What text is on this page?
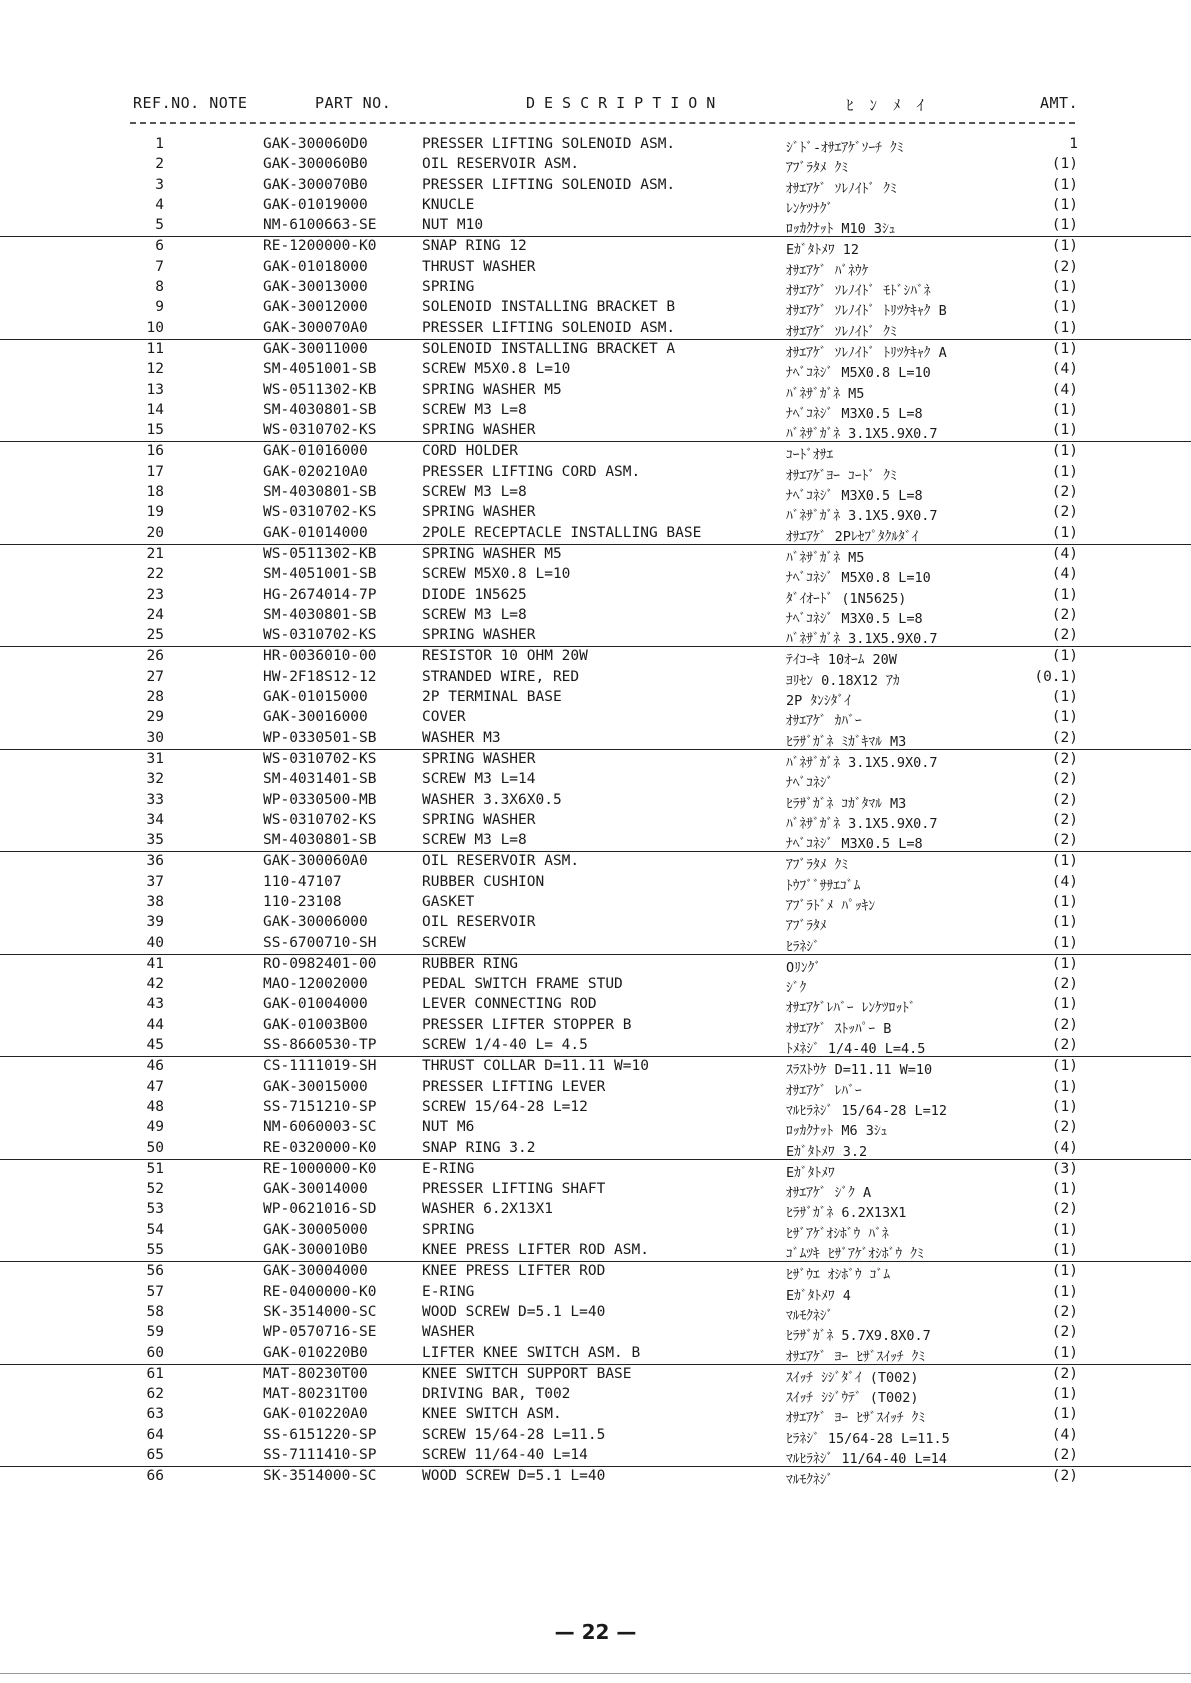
REF.NO. NOTE	PART NO.	DESCRIPTION	ﾋﾝﾒｲ	AMT.
1	GAK-300060D0	PRESSER LIFTING SOLENOID ASM.	ｼﾞﾄﾞ-ｵｻｴｱｹﾞｿｰﾁ ｸﾐ	1
2	GAK-300060B0	OIL RESERVOIR ASM.	ｱﾌﾞﾗﾀﾒ ｸﾐ	(1)
3	GAK-300070B0	PRESSER LIFTING SOLENOID ASM.	ｵｻｴｱｹﾞ ｿﾚﾉｲﾄﾞ ｸﾐ	(1)
4	GAK-01019000	KNUCLE	ﾚﾝｹﾂﾅｸﾞ	(1)
5	NM-6100663-SE	NUT M10	ﾛｯｶｸﾅｯﾄ M10 3ｼｭ	(1)
6	RE-1200000-K0	SNAP RING 12	Eｶﾞﾀﾄﾒﾜ 12	(1)
7	GAK-01018000	THRUST WASHER	ｵｻｴｱｹﾞ ﾊﾞﾈｳｹ	(2)
8	GAK-30013000	SPRING	ｵｻｴｱｹﾞ ｿﾚﾉｲﾄﾞ ﾓﾄﾞｼﾊﾞﾈ	(1)
9	GAK-30012000	SOLENOID INSTALLING BRACKET B	ｵｻｴｱｹﾞ ｿﾚﾉｲﾄﾞ ﾄﾘﾂｹｷｬｸ B	(1)
10	GAK-300070A0	PRESSER LIFTING SOLENOID ASM.	ｵｻｴｱｹﾞ ｿﾚﾉｲﾄﾞ ｸﾐ	(1)
11	GAK-30011000	SOLENOID INSTALLING BRACKET A	ｵｻｴｱｹﾞ ｿﾚﾉｲﾄﾞ ﾄﾘﾂｹｷｬｸ A	(1)
12	SM-4051001-SB	SCREW M5X0.8 L=10	ﾅﾍﾞｺﾈｼﾞ M5X0.8 L=10	(4)
13	WS-0511302-KB	SPRING WASHER M5	ﾊﾞﾈｻﾞｶﾞﾈ M5	(4)
14	SM-4030801-SB	SCREW M3 L=8	ﾅﾍﾞｺﾈｼﾞ M3X0.5 L=8	(1)
15	WS-0310702-KS	SPRING WASHER	ﾊﾞﾈｻﾞｶﾞﾈ 3.1X5.9X0.7	(1)
16	GAK-01016000	CORD HOLDER	ｺｰﾄﾞｵｻｴ	(1)
17	GAK-020210A0	PRESSER LIFTING CORD ASM.	ｵｻｴｱｹﾞﾖｰ ｺｰﾄﾞ ｸﾐ	(1)
18	SM-4030801-SB	SCREW M3 L=8	ﾅﾍﾞｺﾈｼﾞ M3X0.5 L=8	(2)
19	WS-0310702-KS	SPRING WASHER	ﾊﾞﾈｻﾞｶﾞﾈ 3.1X5.9X0.7	(2)
20	GAK-01014000	2POLE RECEPTACLE INSTALLING BASE	ｵｻｴｱｹﾞ 2Pﾚｾﾌﾟﾀｸﾙﾀﾞｲ	(1)
21	WS-0511302-KB	SPRING WASHER M5	ﾊﾞﾈｻﾞｶﾞﾈ M5	(4)
22	SM-4051001-SB	SCREW M5X0.8 L=10	ﾅﾍﾞｺﾈｼﾞ M5X0.8 L=10	(4)
23	HG-2674014-7P	DIODE 1N5625	ﾀﾞｲｵｰﾄﾞ (1N5625)	(1)
24	SM-4030801-SB	SCREW M3 L=8	ﾅﾍﾞｺﾈｼﾞ M3X0.5 L=8	(2)
25	WS-0310702-KS	SPRING WASHER	ﾊﾞﾈｻﾞｶﾞﾈ 3.1X5.9X0.7	(2)
26	HR-0036010-00	RESISTOR 10 OHM 20W	ﾃｲｺｰｷ 10ｵｰﾑ 20W	(1)
27	HW-2F18S12-12	STRANDED WIRE, RED	ﾖﾘｾﾝ 0.18X12 ｱｶ	(0.1)
28	GAK-01015000	2P TERMINAL BASE	2P ﾀﾝｼﾀﾞｲ	(1)
29	GAK-30016000	COVER	ｵｻｴｱｹﾞ ｶﾊﾞｰ	(1)
30	WP-0330501-SB	WASHER M3	ﾋﾗｻﾞｶﾞﾈ ﾐｶﾞｷﾏﾙ M3	(2)
31	WS-0310702-KS	SPRING WASHER	ﾊﾞﾈｻﾞｶﾞﾈ 3.1X5.9X0.7	(2)
32	SM-4031401-SB	SCREW M3 L=14	ﾅﾍﾞｺﾈｼﾞ	(2)
33	WP-0330500-MB	WASHER 3.3X6X0.5	ﾋﾗｻﾞｶﾞﾈ ｺｶﾞﾀﾏﾙ M3	(2)
34	WS-0310702-KS	SPRING WASHER	ﾊﾞﾈｻﾞｶﾞﾈ 3.1X5.9X0.7	(2)
35	SM-4030801-SB	SCREW M3 L=8	ﾅﾍﾞｺﾈｼﾞ M3X0.5 L=8	(2)
36	GAK-300060A0	OIL RESERVOIR ASM.	ｱﾌﾞﾗﾀﾒ ｸﾐ	(1)
37	110-47107	RUBBER CUSHION	ﾄｳﾌﾞﾞｻｻｴｺﾞﾑ	(4)
38	110-23108	GASKET	ｱﾌﾞﾗﾄﾞﾒ ﾊﾟｯｷﾝ	(1)
39	GAK-30006000	OIL RESERVOIR	ｱﾌﾞﾗﾀﾒ	(1)
40	SS-6700710-SH	SCREW	ﾋﾗﾈｼﾞ	(1)
41	RO-0982401-00	RUBBER RING	Oﾘﾝｸﾞ	(1)
42	MAO-12002000	PEDAL SWITCH FRAME STUD	ｼﾞｸ	(2)
43	GAK-01004000	LEVER CONNECTING ROD	ｵｻｴｱｹﾞﾚﾊﾞｰ ﾚﾝｹﾂﾛｯﾄﾞ	(1)
44	GAK-01003B00	PRESSER LIFTER STOPPER B	ｵｻｴｱｹﾞ ｽﾄｯﾊﾟｰ B	(2)
45	SS-8660530-TP	SCREW 1/4-40 L= 4.5	ﾄﾒﾈｼﾞ 1/4-40 L=4.5	(2)
46	CS-1111019-SH	THRUST COLLAR D=11.11 W=10	ｽﾗｽﾄｳｹ D=11.11 W=10	(1)
47	GAK-30015000	PRESSER LIFTING LEVER	ｵｻｴｱｹﾞ ﾚﾊﾞｰ	(1)
48	SS-7151210-SP	SCREW 15/64-28 L=12	ﾏﾙﾋﾗﾈｼﾞ 15/64-28 L=12	(1)
49	NM-6060003-SC	NUT M6	ﾛｯｶｸﾅｯﾄ M6 3ｼｭ	(2)
50	RE-0320000-K0	SNAP RING 3.2	Eｶﾞﾀﾄﾒﾜ 3.2	(4)
51	RE-1000000-K0	E-RING	Eｶﾞﾀﾄﾒﾜ	(3)
52	GAK-30014000	PRESSER LIFTING SHAFT	ｵｻｴｱｹﾞ ｼﾞｸ A	(1)
53	WP-0621016-SD	WASHER 6.2X13X1	ﾋﾗｻﾞｶﾞﾈ 6.2X13X1	(2)
54	GAK-30005000	SPRING	ﾋｻﾞｱｹﾞｵｼﾎﾞｳ ﾊﾞﾈ	(1)
55	GAK-300010B0	KNEE PRESS LIFTER ROD ASM.	ｺﾞﾑﾂｷ ﾋｻﾞｱｹﾞｵｼﾎﾞｳ ｸﾐ	(1)
56	GAK-30004000	KNEE PRESS LIFTER ROD	ﾋｻﾞｳｴ ｵｼﾎﾞｳ ｺﾞﾑ	(1)
57	RE-0400000-K0	E-RING	Eｶﾞﾀﾄﾒﾜ 4	(1)
58	SK-3514000-SC	WOOD SCREW D=5.1 L=40	ﾏﾙﾓｸﾈｼﾞ	(2)
59	WP-0570716-SE	WASHER	ﾋﾗｻﾞｶﾞﾈ 5.7X9.8X0.7	(2)
60	GAK-010220B0	LIFTER KNEE SWITCH ASM. B	ｵｻｴｱｹﾞ ﾖｰ ﾋｻﾞｽｲｯﾁ ｸﾐ	(1)
61	MAT-80230T00	KNEE SWITCH SUPPORT BASE	ｽｲｯﾁ ｼｼﾞﾀﾞｲ (T002)	(2)
62	MAT-80231T00	DRIVING BAR, T002	ｽｲｯﾁ ｼｼﾞｳﾃﾞ (T002)	(1)
63	GAK-010220A0	KNEE SWITCH ASM.	ｵｻｴｱｹﾞ ﾖｰ ﾋｻﾞｽｲｯﾁ ｸﾐ	(1)
64	SS-6151220-SP	SCREW 15/64-28 L=11.5	ﾋﾗﾈｼﾞ 15/64-28 L=11.5	(4)
65	SS-7111410-SP	SCREW 11/64-40 L=14	ﾏﾙﾋﾗﾈｼﾞ 11/64-40 L=14	(2)
66	SK-3514000-SC	WOOD SCREW D=5.1 L=40	ﾏﾙﾓｸﾈｼﾞ	(2)
— 22 —
